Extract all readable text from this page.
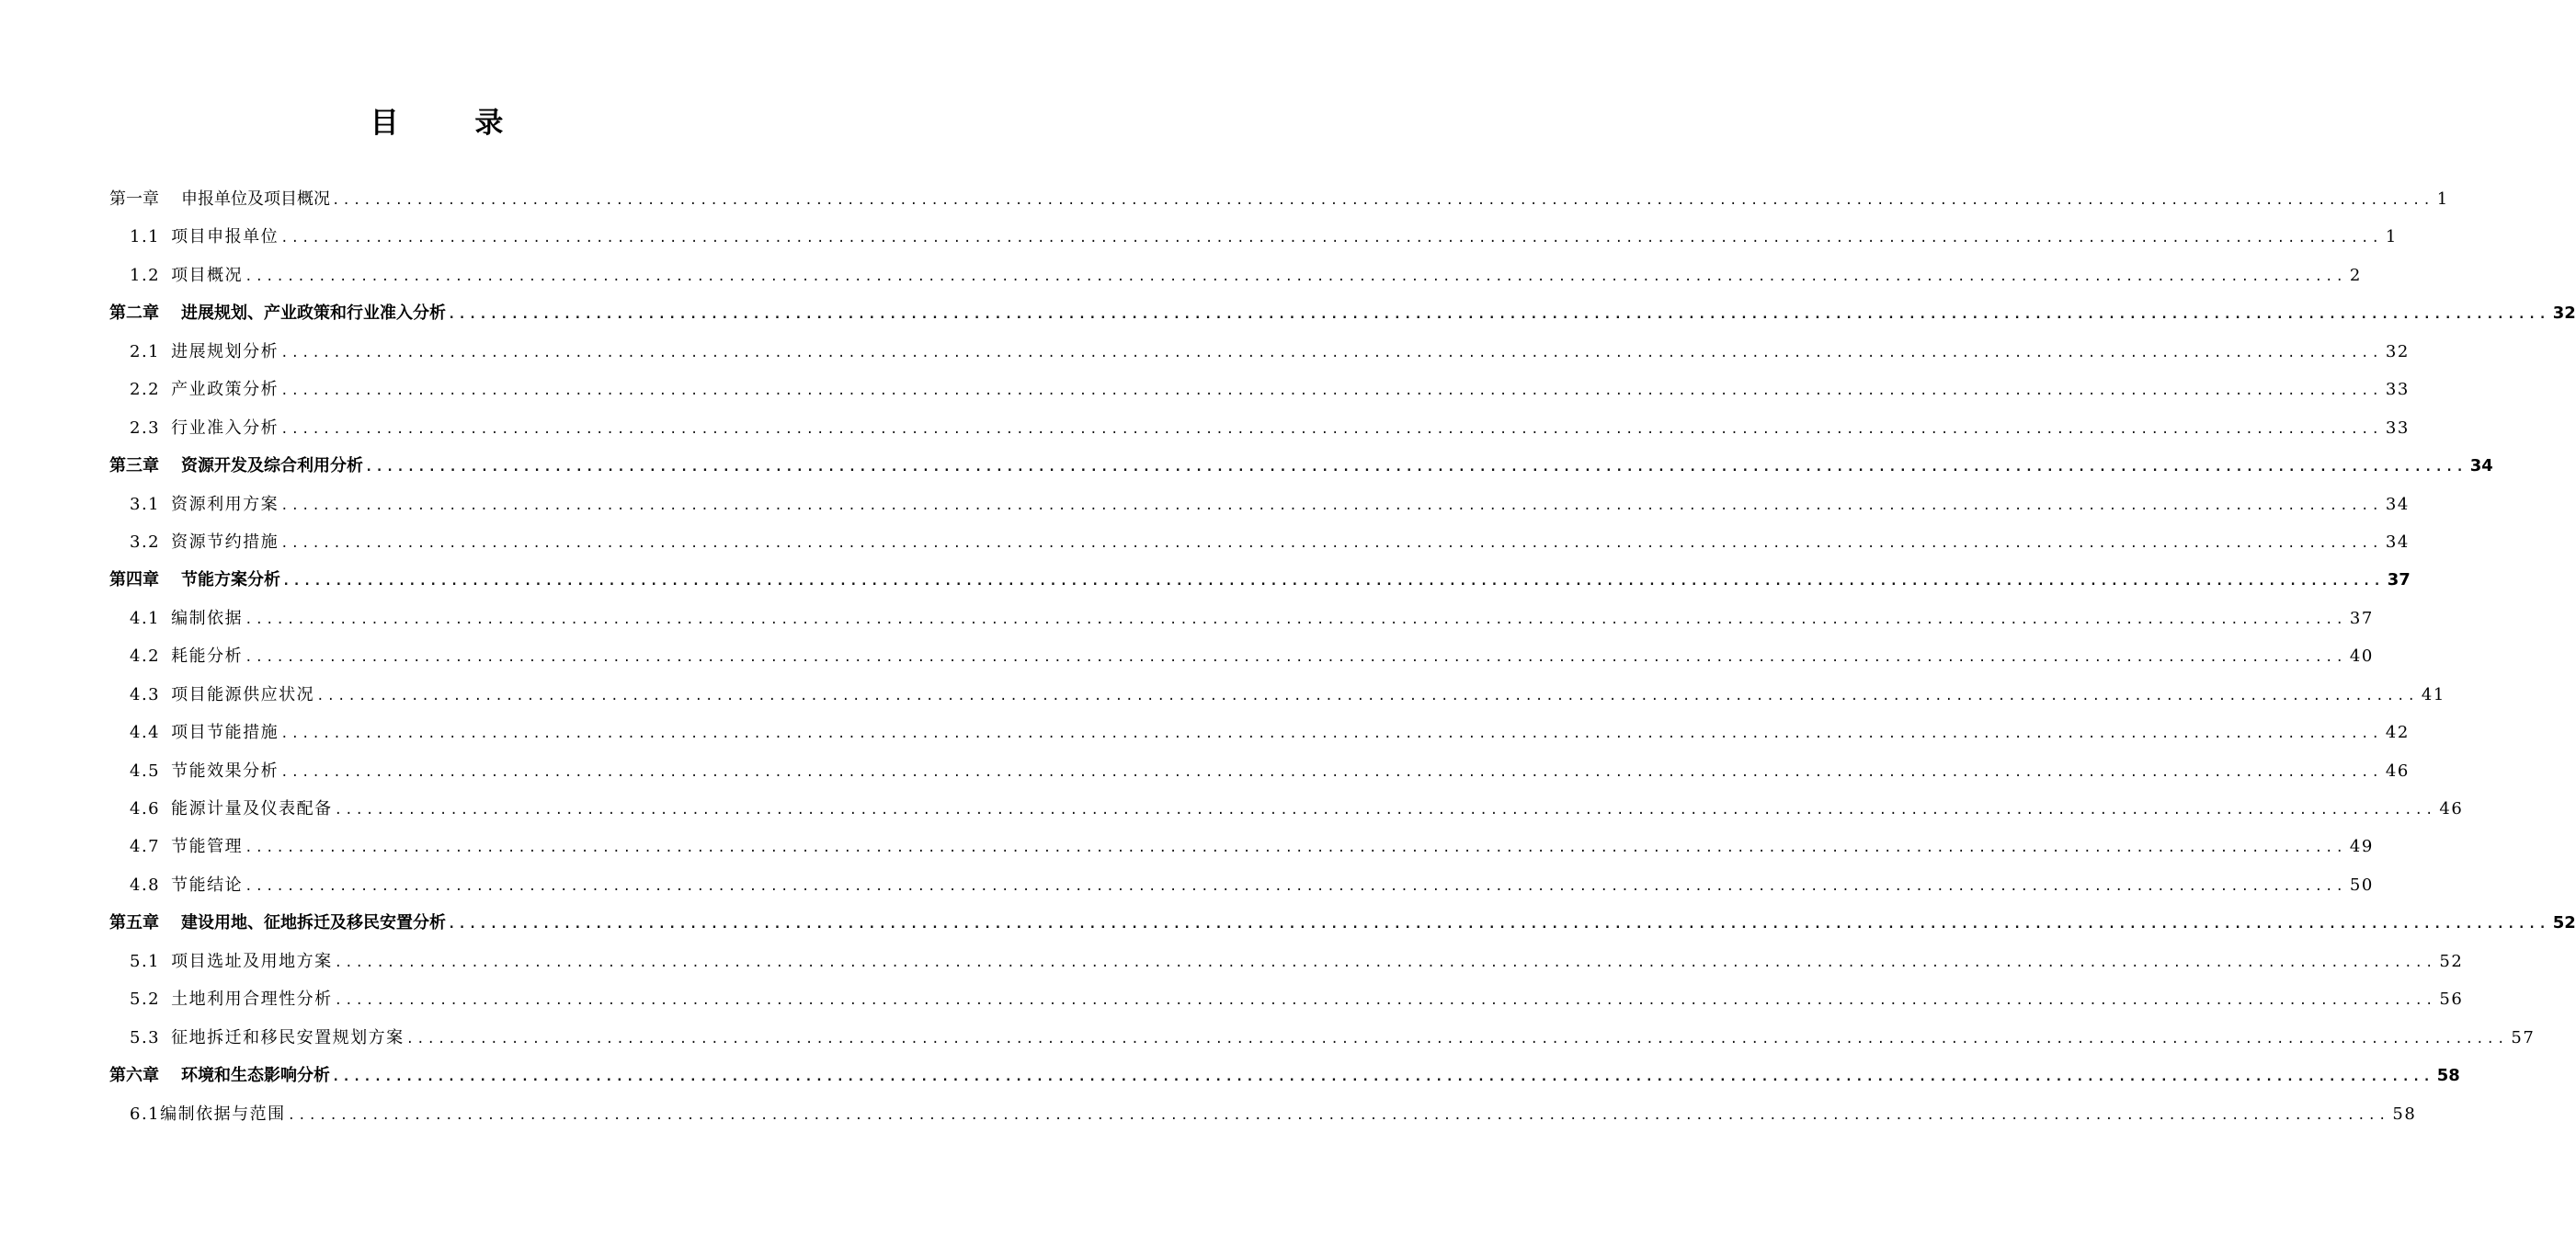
目 录
第一章 申报单位及项目概况 ........................................................................................................................................................................................................ 1
1.1 项目申报单位 ........................................................................................................................................................................................................ 1
1.2 项目概况 ........................................................................................................................................................................................................ 2
第二章 进展规划、产业政策和行业准入分析 ........................................................................................................................................................................................................ 32
2.1 进展规划分析 ........................................................................................................................................................................................................ 32
2.2 产业政策分析 ........................................................................................................................................................................................................ 33
2.3 行业准入分析 ........................................................................................................................................................................................................ 33
第三章 资源开发及综合利用分析 ........................................................................................................................................................................................................ 34
3.1 资源利用方案 ........................................................................................................................................................................................................ 34
3.2 资源节约措施 ........................................................................................................................................................................................................ 34
第四章 节能方案分析 ........................................................................................................................................................................................................ 37
4.1 编制依据 ........................................................................................................................................................................................................ 37
4.2 耗能分析 ........................................................................................................................................................................................................ 40
4.3 项目能源供应状况 ........................................................................................................................................................................................................ 41
4.4 项目节能措施 ........................................................................................................................................................................................................ 42
4.5 节能效果分析 ........................................................................................................................................................................................................ 46
4.6 能源计量及仪表配备 ........................................................................................................................................................................................................ 46
4.7 节能管理 ........................................................................................................................................................................................................ 49
4.8 节能结论 ........................................................................................................................................................................................................ 50
第五章 建设用地、征地拆迁及移民安置分析 ........................................................................................................................................................................................................ 52
5.1 项目选址及用地方案 ........................................................................................................................................................................................................ 52
5.2 土地利用合理性分析 ........................................................................................................................................................................................................ 56
5.3 征地拆迁和移民安置规划方案 ........................................................................................................................................................................................................ 57
第六章 环境和生态影响分析 ........................................................................................................................................................................................................ 58
6.1 编制依据与范围 ........................................................................................................................................................................................................ 58
